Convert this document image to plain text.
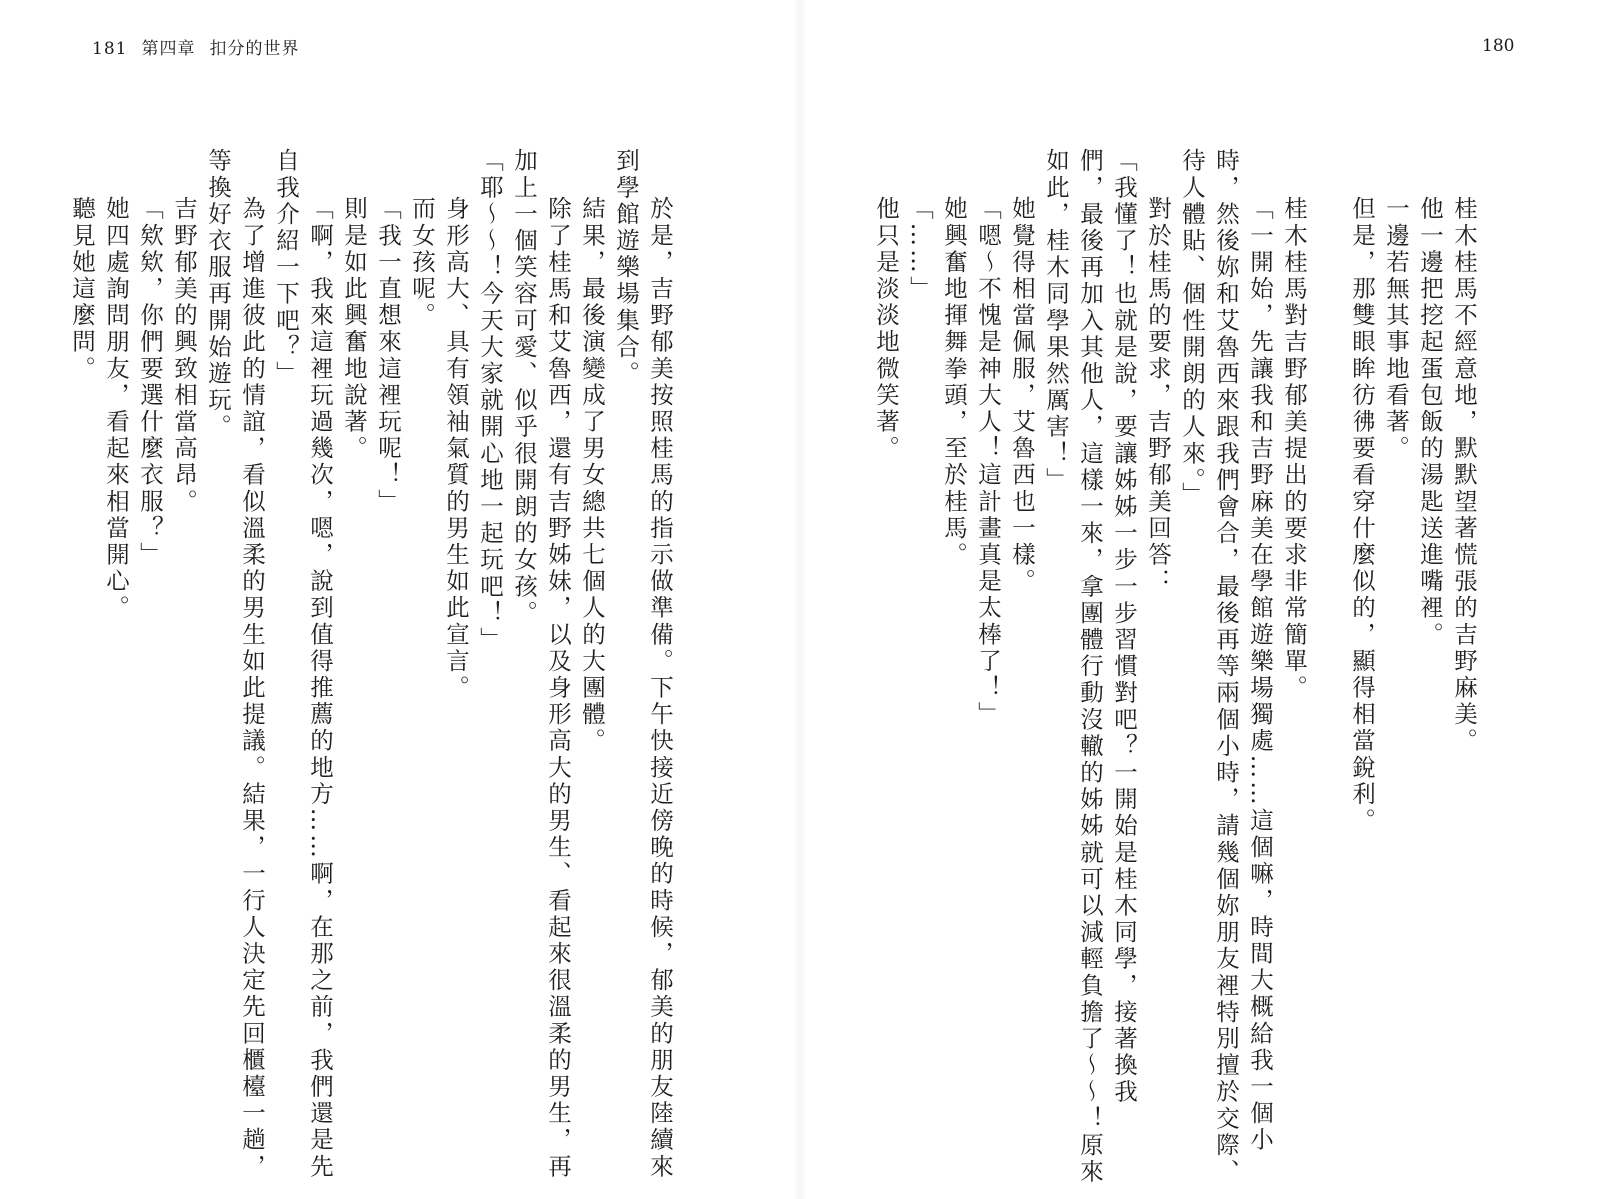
181 第四章 扣分的世界	180
桂木桂馬不經意地，默默望著慌張的吉野麻美。
他一邊把挖起蛋包飯的湯匙送進嘴裡。
一邊若無其事地看著。
但是，那雙眼眸彷彿要看穿什麼似的，顯得相當銳利。
桂木桂馬對吉野郁美提出的要求非常簡單。
「一開始，先讓我和吉野麻美在學館遊樂場獨處……這個嘛，時間大概給我一個小
時，然後妳和艾魯西來跟我們會合，最後再等兩個小時，請幾個妳朋友裡特別擅於交際、
待人體貼、個性開朗的人來。」
對於桂馬的要求，吉野郁美回答：
「我懂了！也就是說，要讓姊姊一步一步習慣對吧？一開始是桂木同學，接著換我
們，最後再加入其他人，這樣一來，拿團體行動沒轍的姊姊就可以減輕負擔了〜〜！原來
如此，桂木同學果然厲害！」
她覺得相當佩服，艾魯西也一樣。
「嗯〜不愧是神大人！這計畫真是太棒了！」
她興奮地揮舞拳頭，至於桂馬。
「……」
他只是淡淡地微笑著。
於是，吉野郁美按照桂馬的指示做準備。下午快接近傍晚的時候，郁美的朋友陸續來
到學館遊樂場集合。
結果，最後演變成了男女總共七個人的大團體。
除了桂馬和艾魯西，還有吉野姊妹，以及身形高大的男生、看起來很溫柔的男生，再
加上一個笑容可愛、似乎很開朗的女孩。
「耶〜〜！今天大家就開心地一起玩吧！」
身形高大、具有領袖氣質的男生如此宣言。
而女孩呢。
「我一直想來這裡玩呢！」
則是如此興奮地說著。
「啊，我來這裡玩過幾次，嗯，說到值得推薦的地方……啊，在那之前，我們還是先
自我介紹一下吧？」
為了增進彼此的情誼，看似溫柔的男生如此提議。結果，一行人決定先回櫃檯一趟，
等換好衣服再開始遊玩。
吉野郁美的興致相當高昂。
「欸欸，你們要選什麼衣服？」
她四處詢問朋友，看起來相當開心。
聽見她這麼問。
